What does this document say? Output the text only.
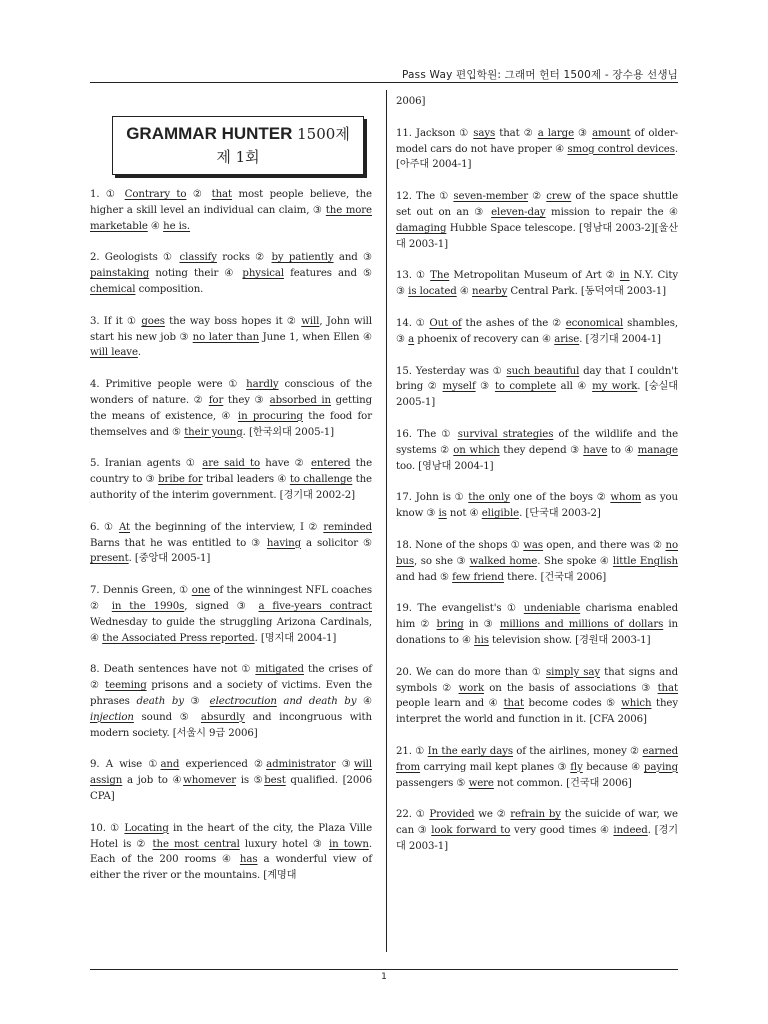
Pass Way 편입학원: 그래머 헌터 1500제 - 장수용 선생님
GRAMMAR HUNTER 1500제
제 1회

1. ① Contrary to ② that most people believe, the higher a skill level an individual can claim, ③ the more marketable ④ he is.

2. Geologists ① classify rocks ② by patiently and ③ painstaking noting their ④ physical features and ⑤ chemical composition.

3. If it ① goes the way boss hopes it ② will, John will start his new job ③ no later than June 1, when Ellen ④ will leave.

4. Primitive people were ① hardly conscious of the wonders of nature. ② for they ③ absorbed in getting the means of existence, ④ in procuring the food for themselves and ⑤ their young. [한국외대 2005-1]

5. Iranian agents ① are said to have ② entered the country to ③ bribe for tribal leaders ④ to challenge the authority of the interim government. [경기대 2002-2]

6. ① At the beginning of the interview, I ② reminded Barns that he was entitled to ③ having a solicitor ⑤ present. [중앙대 2005-1]

7. Dennis Green, ① one of the winningest NFL coaches ② in the 1990s, signed ③ a five-years contract Wednesday to guide the struggling Arizona Cardinals, ④ the Associated Press reported. [명지대 2004-1]

8. Death sentences have not ① mitigated the crises of ② teeming prisons and a society of victims. Even the phrases death by ③ electrocution and death by ④ injection sound ⑤ absurdly and incongruous with modern society. [서울시 9급 2006]

9. A wise ①and experienced ②administrator ③will assign a job to ④whomever is ⑤best qualified. [2006 CPA]

10. ① Locating in the heart of the city, the Plaza Ville Hotel is ② the most central luxury hotel ③ in town. Each of the 200 rooms ④ has a wonderful view of either the river or the mountains. [계명대

2006]

11. Jackson ① says that ② a large ③ amount of older-model cars do not have proper ④ smog control devices. [아주대 2004-1]

12. The ① seven-member ② crew of the space shuttle set out on an ③ eleven-day mission to repair the ④ damaging Hubble Space telescope. [영남대 2003-2][울산대 2003-1]

13. ① The Metropolitan Museum of Art ② in N.Y. City ③ is located ④ nearby Central Park. [동덕여대 2003-1]

14. ① Out of the ashes of the ② economical shambles, ③ a phoenix of recovery can ④ arise. [경기대 2004-1]

15. Yesterday was ① such beautiful day that I couldn't bring ② myself ③ to complete all ④ my work. [숭실대 2005-1]

16. The ① survival strategies of the wildlife and the systems ② on which they depend ③ have to ④ manage too. [영남대 2004-1]

17. John is ① the only one of the boys ② whom as you know ③ is not ④ eligible. [단국대 2003-2]

18. None of the shops ① was open, and there was ② no bus, so she ③ walked home. She spoke ④ little English and had ⑤ few friend there. [건국대 2006]

19. The evangelist's ① undeniable charisma enabled him ② bring in ③ millions and millions of dollars in donations to ④ his television show. [경원대 2003-1]

20. We can do more than ① simply say that signs and symbols ② work on the basis of associations ③ that people learn and ④ that become codes ⑤ which they interpret the world and function in it. [CFA 2006]

21. ① In the early days of the airlines, money ② earned from carrying mail kept planes ③ fly because ④ paying passengers ⑤ were not common. [건국대 2006]

22. ① Provided we ② refrain by the suicide of war, we can ③ look forward to very good times ④ indeed. [경기대 2003-1]

1
